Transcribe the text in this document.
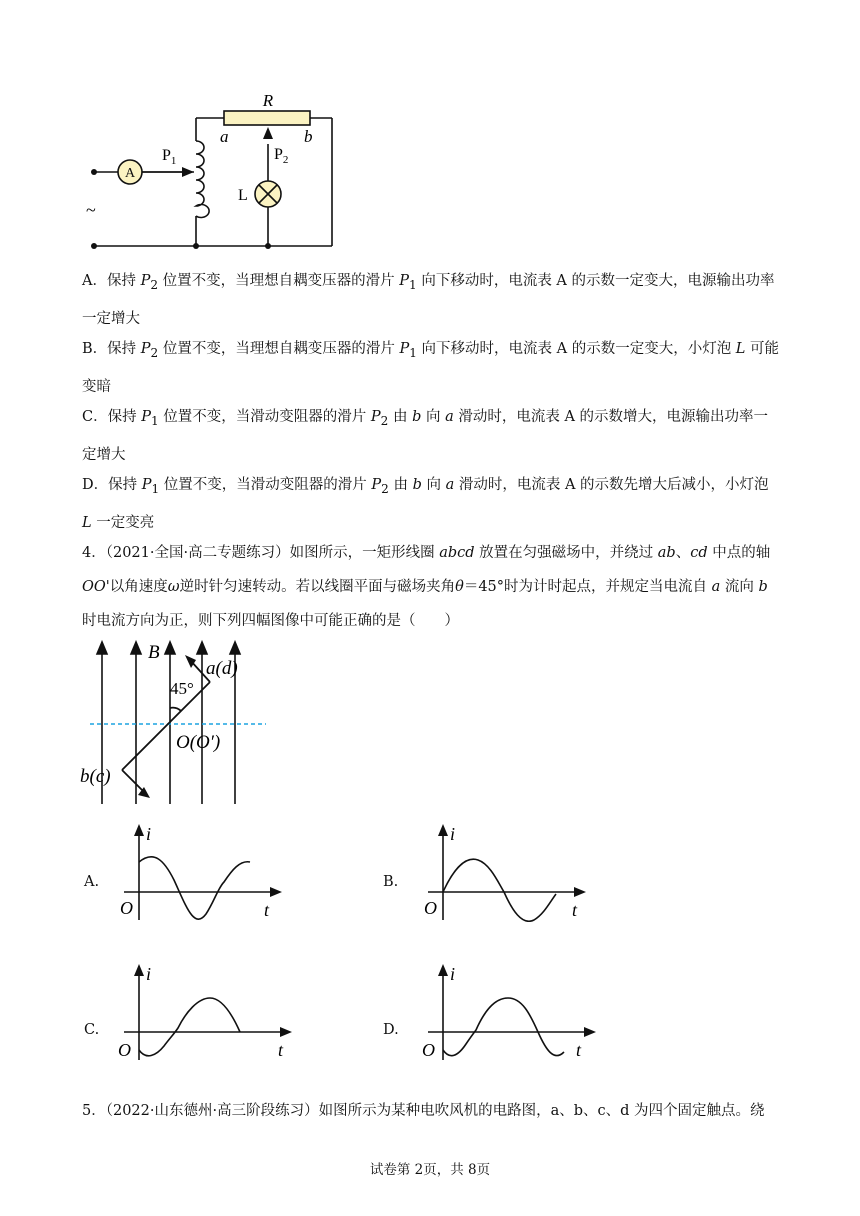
A
R
a	b
$P_1$	$P_2$
L
~
A．保持 $P_2$ 位置不变，当理想自耦变压器的滑片 $P_1$ 向下移动时，电流表 A 的示数一定变大，电源输出功率一定增大
B．保持 $P_2$ 位置不变，当理想自耦变压器的滑片 $P_1$ 向下移动时，电流表 A 的示数一定变大，小灯泡 L 可能变暗
C．保持 $P_1$ 位置不变，当滑动变阻器的滑片 $P_2$ 由 b 向 a 滑动时，电流表 A 的示数增大，电源输出功率一定增大
D．保持 $P_1$ 位置不变，当滑动变阻器的滑片 $P_2$ 由 b 向 a 滑动时，电流表 A 的示数先增大后减小，小灯泡 L 一定变亮
4．（2021·全国·高二专题练习）如图所示，一矩形线圈 abcd 放置在匀强磁场中，并绕过 ab、cd 中点的轴 OO'以角速度ω逆时针匀速转动。若以线圈平面与磁场夹角θ＝45°时为计时起点，并规定当电流自 a 流向 b 时电流方向为正，则下列四幅图像中可能正确的是（　　）
B
a(d)
45°
O(O′)
b(c)
A.
i
t
O
B.
i
t
O
C.
i
t
O
D.
i
t
O
5．（2022·山东德州·高三阶段练习）如图所示为某种电吹风机的电路图，a、b、c、d 为四个固定触点。绕
试卷第 2页，共 8页
